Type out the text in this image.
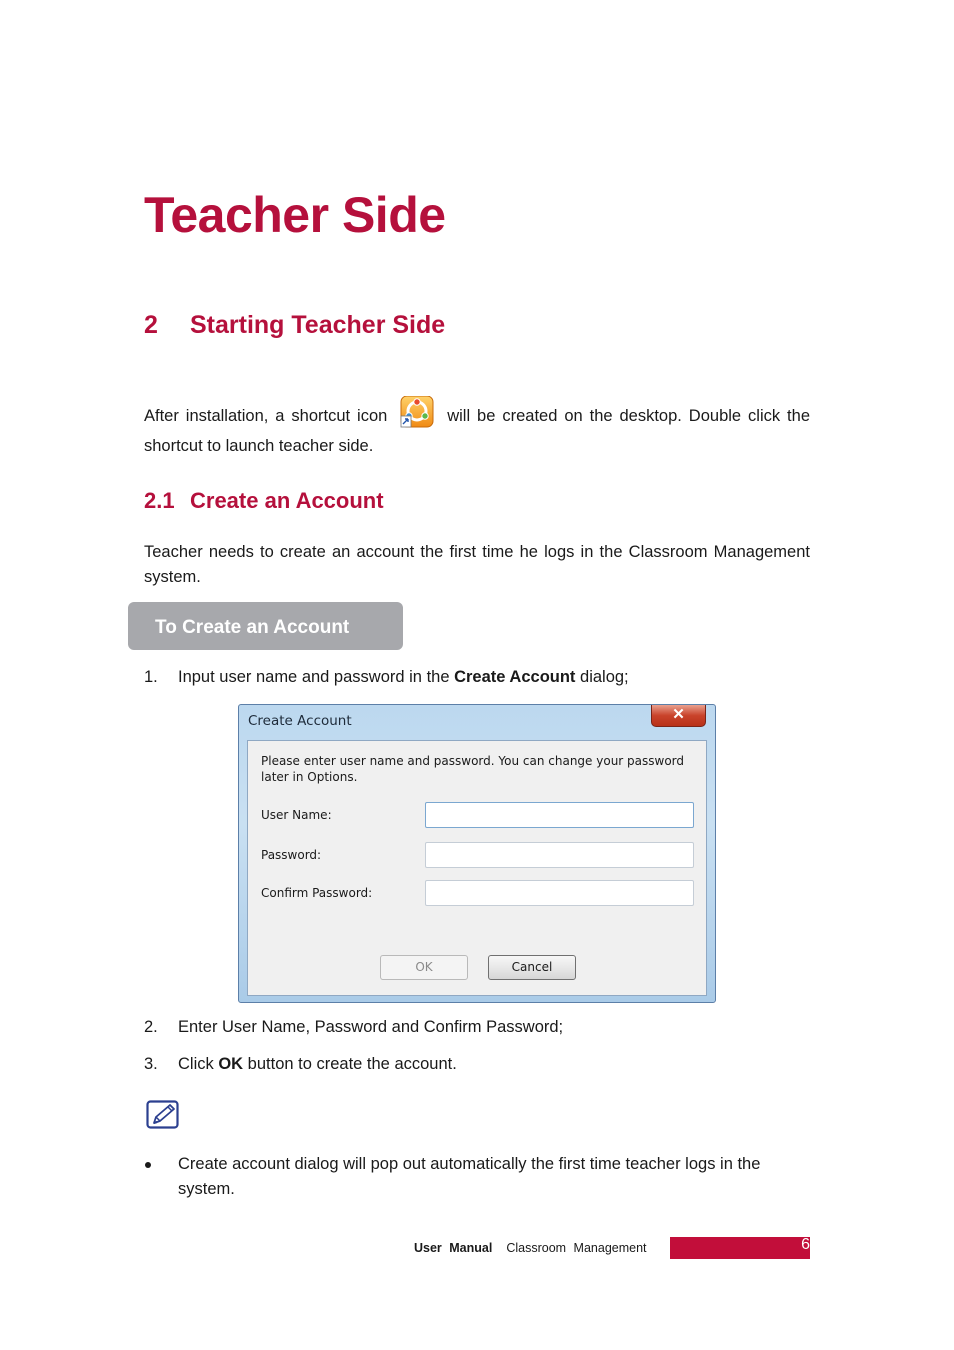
Teacher Side
2 Starting Teacher Side

After installation, a shortcut icon	will be created on the desktop. Double click the shortcut to launch teacher side.

2.1 Create an Account

Teacher needs to create an account the first time he logs in the Classroom Management system.

To Create an Account
1. Input user name and password in the Create Account dialog;
Create Account	✕
Please enter user name and password. You can change your password later in Options.
User Name:
Password:
Confirm Password:
OK	Cancel
2. Enter User Name, Password and Confirm Password;
3. Click OK button to create the account.
Create account dialog will pop out automatically the first time teacher logs in the system.
User Manual Classroom Management	6
